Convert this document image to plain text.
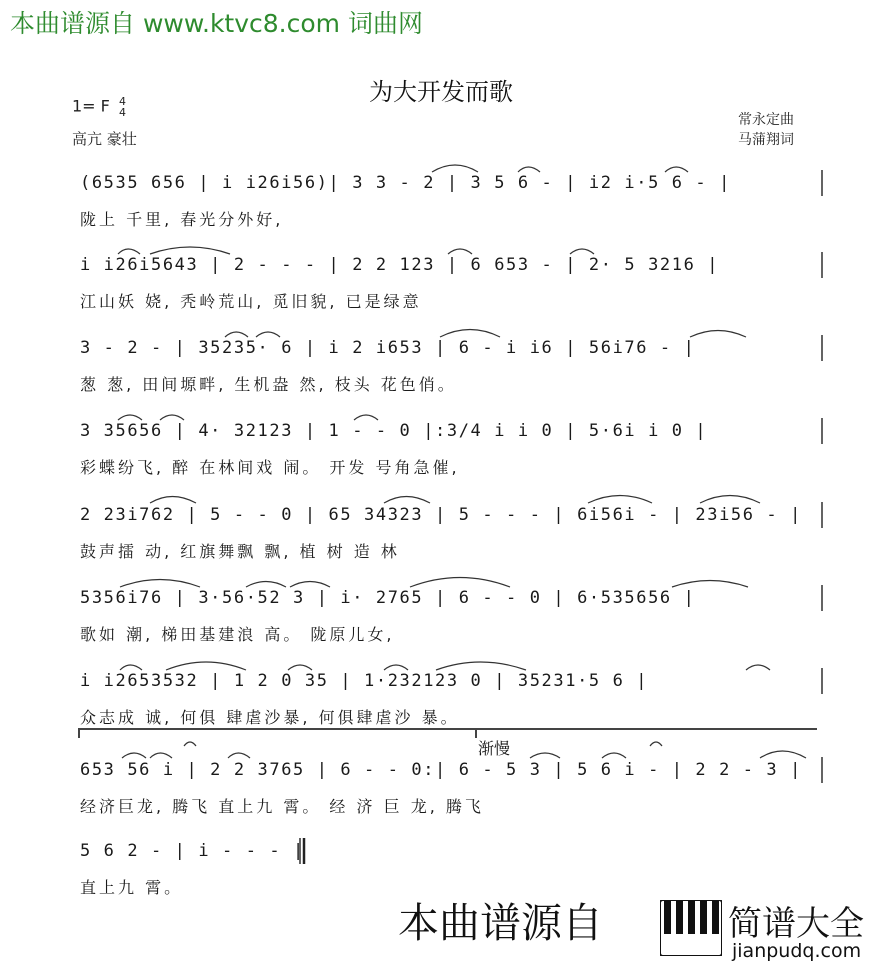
本曲谱源自 www.ktvc8.com 词曲网
为大开发而歌
1= F 4
4
高亢 豪壮
常永定曲
马蒲翔词
(6535 656 | i i26i56)| 3 3 - 2 | 3 5 6 - | i2 i·5 6 - |
陇上 千里, 春光分外好,
i i26i5643 | 2 - - - | 2 2 123 | 6 653 - | 2· 5 3216 |
江山妖 娆, 秃岭荒山, 觅旧貌, 已是绿意
3 - 2 - | 35235· 6 | i 2 i653 | 6 - i i6 | 56i76 - |
葱 葱, 田间塬畔, 生机盎 然, 枝头 花色俏。
3 35656 | 4· 32123 | 1 - - 0 |:3/4 i i 0 | 5·6i i 0 |
彩蝶纷飞, 醉 在林间戏 闹。 开发 号角急催,
2 23i762 | 5 - - 0 | 65 34323 | 5 - - - | 6i56i - | 23i56 - |
鼓声擂 动, 红旗舞飘 飘, 植 树 造 林
5356i76 | 3·56·52 3 | i· 2765 | 6 - - 0 | 6·535656 |
歌如 潮, 梯田基建浪 高。 陇原儿女,
i i2653532 | 1 2 0 35 | 1·232123 0 | 35231·5 6 |
众志成 诚, 何俱 肆虐沙暴, 何俱肆虐沙 暴。
渐慢
653 56 i | 2 2 3765 | 6 - - 0:| 6 - 5 3 | 5 6 i - | 2 2 - 3 |
经济巨龙, 腾飞 直上九 霄。 经 济 巨 龙, 腾飞
5 6 2 - | i - - - |
直上九 霄。
本曲谱源自	简谱大全
jianpudq.com
